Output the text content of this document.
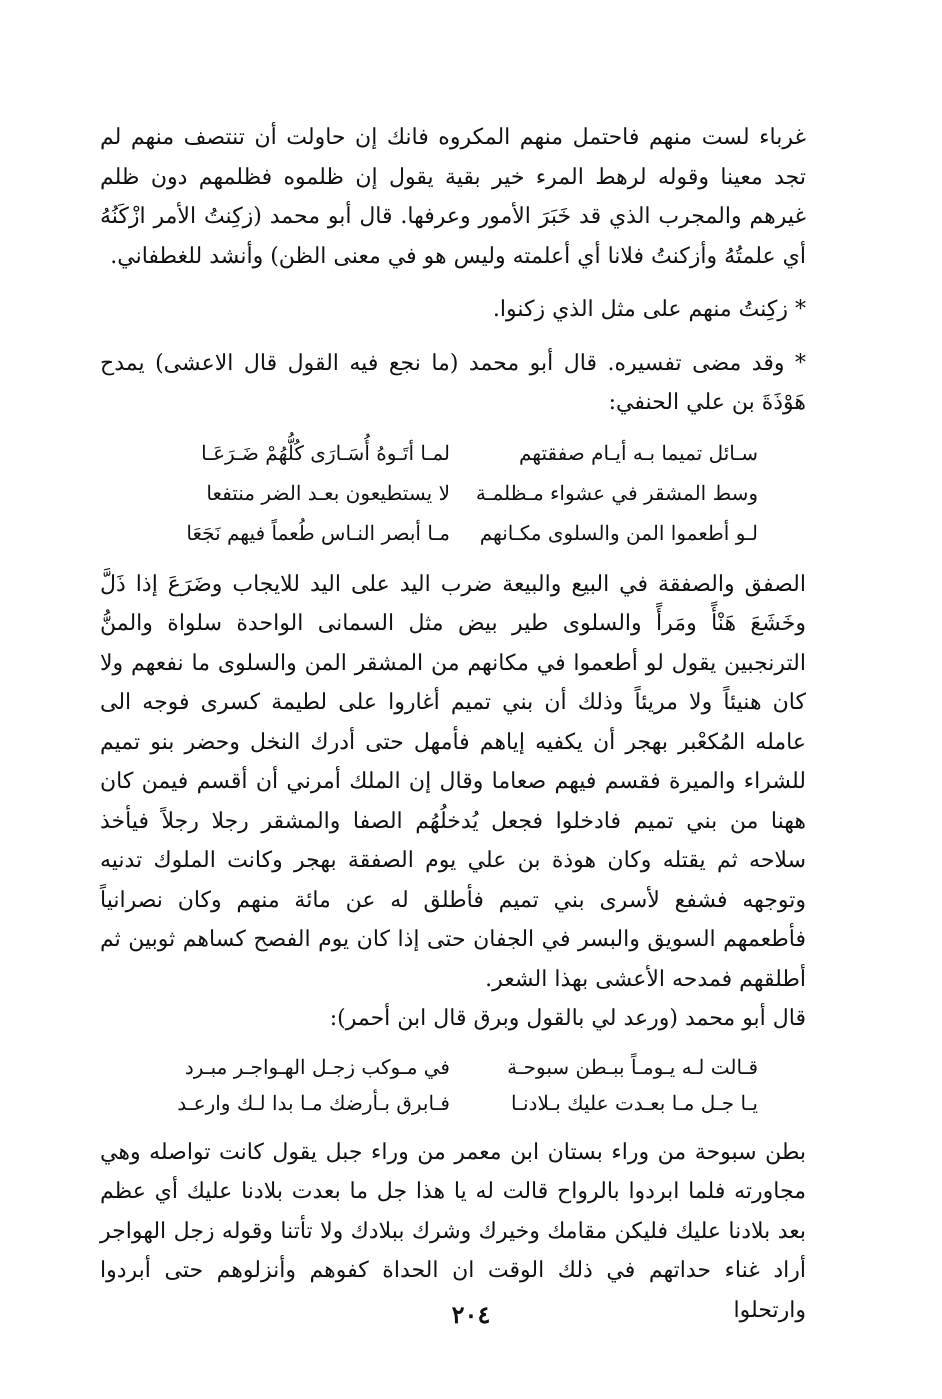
غرباء لست منهم فاحتمل منهم المكروه فانك إن حاولت أن تنتصف منهم لم تجد معينا وقوله لرهط المرء خير بقية يقول إن ظلموه فظلمهم دون ظلم غيرهم والمجرب الذي قد خَبَرَ الأمور وعرفها. قال أبو محمد (زكِنتُ الأمر ازْكَنُهُ أي علمتُهُ وأزكنتُ فلانا أي أعلمته وليس هو في معنى الظن) وأنشد للغطفاني.

* زكِنتُ منهم على مثل الذي زكنوا.

* وقد مضى تفسيره. قال أبو محمد (ما نجع فيه القول قال الاعشى) يمدح هَوْذَةَ بن علي الحنفي:

سـائل تميما بـه أيـام صفقتهم
لمـا أتَـوهُ أُسَـارَى كُلُّهُمْ ضَـرَعَـا
وسط المشقر في عشواء مـظلمـة
لا يستطيعون بعـد الضر منتفعا
لـو أطعموا المن والسلوى مكـانهم
مـا أبصر النـاس طُعماً فيهم نَجَعَا

الصفق والصفقة في البيع والبيعة ضرب اليد على اليد للايجاب وضَرَعَ إذا ذَلَّ وخَشَعَ هَنْأً ومَرأً والسلوى طير بيض مثل السمانى الواحدة سلواة والمنُّ الترنجبين يقول لو أطعموا في مكانهم من المشقر المن والسلوى ما نفعهم ولا كان هنيئاً ولا مريئاً وذلك أن بني تميم أغاروا على لطيمة كسرى فوجه الى عامله المُكعْبر بهجر أن يكفيه إياهم فأمهل حتى أدرك النخل وحضر بنو تميم للشراء والميرة فقسم فيهم صعاما وقال إن الملك أمرني أن أقسم فيمن كان ههنا من بني تميم فادخلوا فجعل يُدخلُهُم الصفا والمشقر رجلا رجلاً فيأخذ سلاحه ثم يقتله وكان هوذة بن علي يوم الصفقة بهجر وكانت الملوك تدنيه وتوجهه فشفع لأسرى بني تميم فأطلق له عن مائة منهم وكان نصرانياً فأطعمهم السويق والبسر في الجفان حتى إذا كان يوم الفصح كساهم ثوبين ثم أطلقهم فمدحه الأعشى بهذا الشعر.

قال أبو محمد (ورعد لي بالقول وبرق قال ابن أحمر):

قـالت لـه يـومـاً ببـطن سبوحـة
في مـوكب زجـل الهـواجـر مبـرد
يـا جـل مـا بعـدت عليك بـلادنـا
فـابرق بـأرضك مـا بدا لـك وارعـد

بطن سبوحة من وراء بستان ابن معمر من وراء جبل يقول كانت تواصله وهي مجاورته فلما ابردوا بالرواح قالت له يا هذا جل ما بعدت بلادنا عليك أي عظم بعد بلادنا عليك فليكن مقامك وخيرك وشرك ببلادك ولا تأتنا وقوله زجل الهواجر أراد غناء حداتهم في ذلك الوقت ان الحداة كفوهم وأنزلوهم حتى أبردوا وارتحلوا

٢٠٤
